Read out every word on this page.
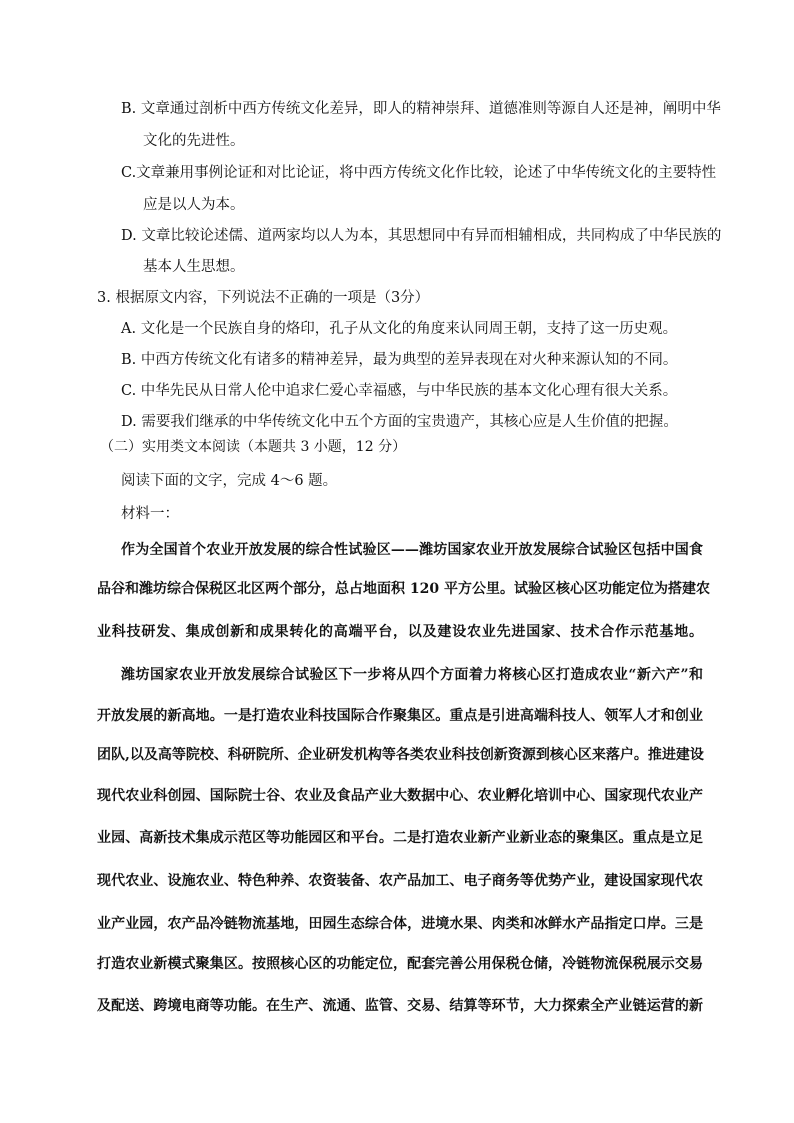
B. 文章通过剖析中西方传统文化差异，即人的精神崇拜、道德准则等源自人还是神，阐明中华
文化的先进性。
C.文章兼用事例论证和对比论证，将中西方传统文化作比较，论述了中华传统文化的主要特性
应是以人为本。
D. 文章比较论述儒、道两家均以人为本，其思想同中有异而相辅相成，共同构成了中华民族的
基本人生思想。
3. 根据原文内容，下列说法不正确的一项是（3分）
A. 文化是一个民族自身的烙印，孔子从文化的角度来认同周王朝，支持了这一历史观。
B. 中西方传统文化有诸多的精神差异，最为典型的差异表现在对火种来源认知的不同。
C. 中华先民从日常人伦中追求仁爱心幸福感，与中华民族的基本文化心理有很大关系。
D. 需要我们继承的中华传统文化中五个方面的宝贵遗产，其核心应是人生价值的把握。
（二）实用类文本阅读（本题共 3 小题，12 分）
阅读下面的文字，完成 4～6 题。
材料一：
作为全国首个农业开放发展的综合性试验区——潍坊国家农业开放发展综合试验区包括中国食
品谷和潍坊综合保税区北区两个部分，总占地面积 120 平方公里。试验区核心区功能定位为搭建农
业科技研发、集成创新和成果转化的高端平台，以及建设农业先进国家、技术合作示范基地。
潍坊国家农业开放发展综合试验区下一步将从四个方面着力将核心区打造成农业“新六产”和
开放发展的新高地。一是打造农业科技国际合作聚集区。重点是引进高端科技人、领军人才和创业
团队,以及高等院校、科研院所、企业研发机构等各类农业科技创新资源到核心区来落户。推进建设
现代农业科创园、国际院士谷、农业及食品产业大数据中心、农业孵化培训中心、国家现代农业产
业园、高新技术集成示范区等功能园区和平台。二是打造农业新产业新业态的聚集区。重点是立足
现代农业、设施农业、特色种养、农资装备、农产品加工、电子商务等优势产业，建设国家现代农
业产业园，农产品冷链物流基地，田园生态综合体，进境水果、肉类和冰鲜水产品指定口岸。三是
打造农业新模式聚集区。按照核心区的功能定位，配套完善公用保税仓储，冷链物流保税展示交易
及配送、跨境电商等功能。在生产、流通、监管、交易、结算等环节，大力探索全产业链运营的新
